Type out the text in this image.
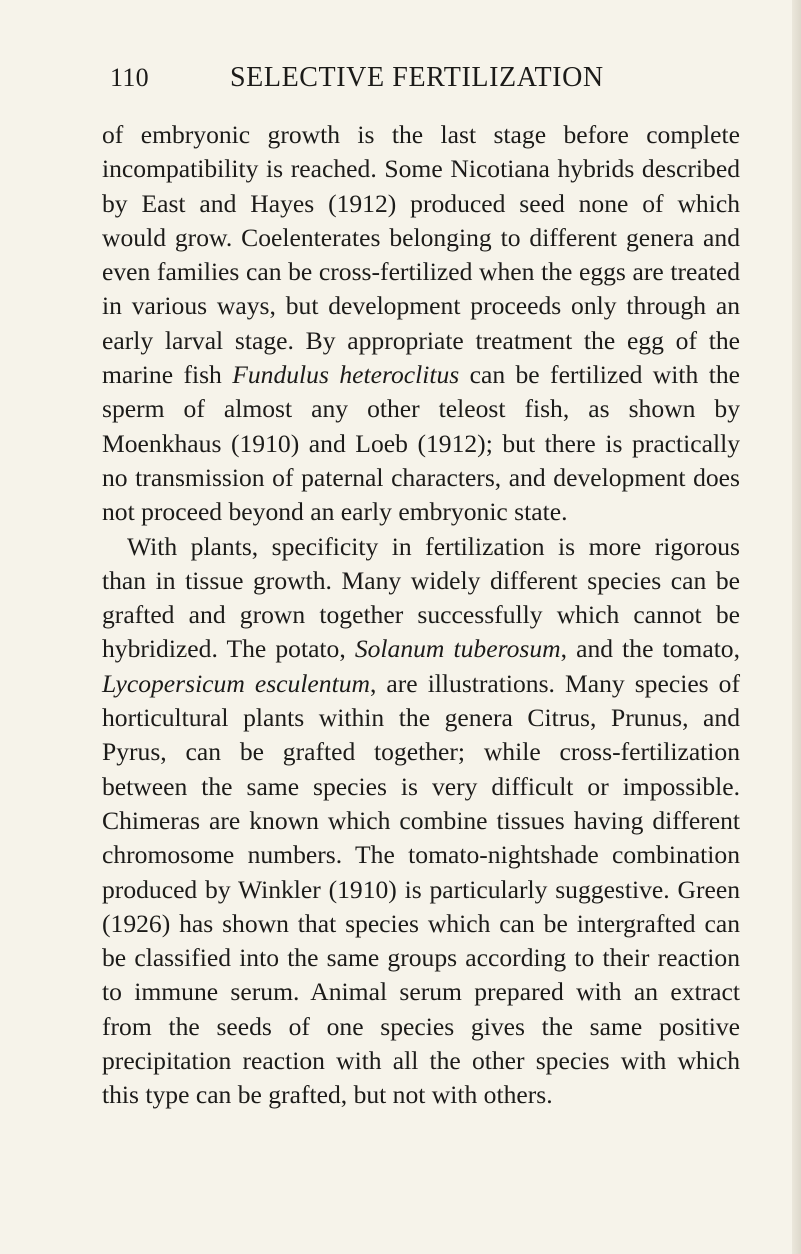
110	SELECTIVE FERTILIZATION

of embryonic growth is the last stage before complete incompatibility is reached. Some Nicotiana hybrids described by East and Hayes (1912) produced seed none of which would grow. Coelenterates belonging to different genera and even families can be cross-fertilized when the eggs are treated in various ways, but development proceeds only through an early larval stage. By appropriate treatment the egg of the marine fish Fundulus heteroclitus can be fertilized with the sperm of almost any other teleost fish, as shown by Moenkhaus (1910) and Loeb (1912); but there is practically no transmission of paternal characters, and development does not proceed beyond an early embryonic state.

With plants, specificity in fertilization is more rigorous than in tissue growth. Many widely different species can be grafted and grown together successfully which cannot be hybridized. The potato, Solanum tuberosum, and the tomato, Lycopersicum esculentum, are illustrations. Many species of horticultural plants within the genera Citrus, Prunus, and Pyrus, can be grafted together; while cross-fertilization between the same species is very difficult or impossible. Chimeras are known which combine tissues having different chromosome numbers. The tomato-nightshade combination produced by Winkler (1910) is particularly suggestive. Green (1926) has shown that species which can be intergrafted can be classified into the same groups according to their reaction to immune serum. Animal serum prepared with an extract from the seeds of one species gives the same positive precipitation reaction with all the other species with which this type can be grafted, but not with others.
